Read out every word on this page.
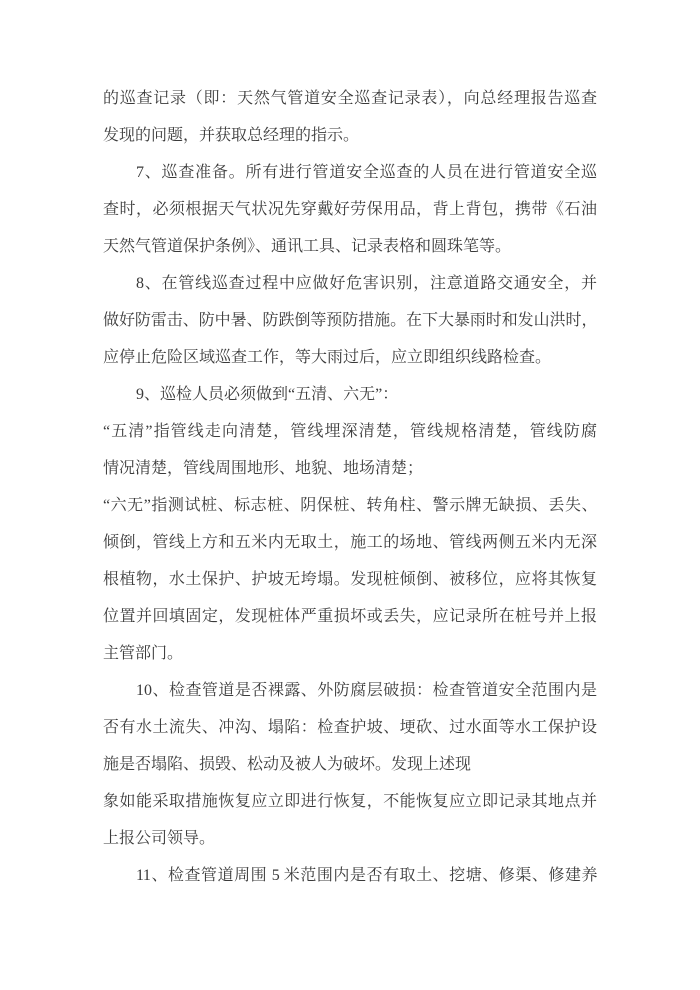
的巡查记录（即：天然气管道安全巡查记录表），向总经理报告巡查
发现的问题，并获取总经理的指示。
7、巡查准备。所有进行管道安全巡查的人员在进行管道安全巡
查时，必须根据天气状况先穿戴好劳保用品，背上背包，携带《石油
天然气管道保护条例》、通讯工具、记录表格和圆珠笔等。
8、在管线巡查过程中应做好危害识别，注意道路交通安全，并
做好防雷击、防中暑、防跌倒等预防措施。在下大暴雨时和发山洪时，
应停止危险区域巡查工作，等大雨过后，应立即组织线路检查。
9、巡检人员必须做到“五清、六无”：
“五清”指管线走向清楚，管线埋深清楚，管线规格清楚，管线防腐
情况清楚，管线周围地形、地貌、地场清楚；
“六无”指测试桩、标志桩、阴保桩、转角柱、警示牌无缺损、丢失、
倾倒，管线上方和五米内无取土，施工的场地、管线两侧五米内无深
根植物，水土保护、护坡无垮塌。发现桩倾倒、被移位，应将其恢复
位置并回填固定，发现桩体严重损坏或丢失，应记录所在桩号并上报
主管部门。
10、检查管道是否裸露、外防腐层破损：检查管道安全范围内是
否有水土流失、冲沟、塌陷：检查护坡、埂砍、过水面等水工保护设
施是否塌陷、损毁、松动及被人为破坏。发现上述现
象如能采取措施恢复应立即进行恢复，不能恢复应立即记录其地点并
上报公司领导。
11、检查管道周围 5 米范围内是否有取土、挖塘、修渠、修建养
